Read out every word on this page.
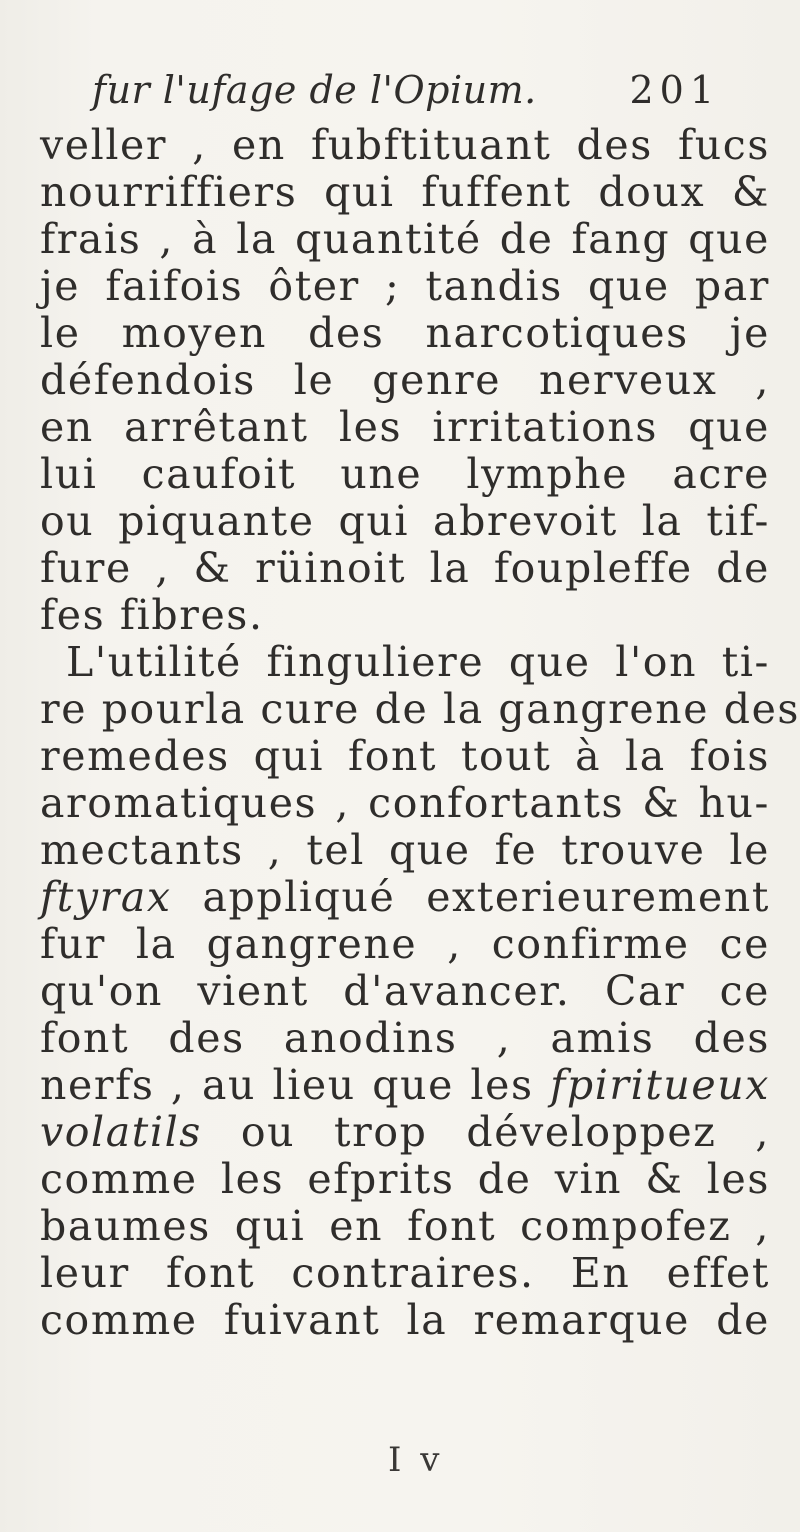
fur l'ufage de l'Opium. 201
veller , en fubftituant des fucs
nourriffiers qui fuffent doux &
frais , à la quantité de fang que
je faifois ôter ; tandis que par
le moyen des narcotiques je
défendois le genre nerveux ,
en arrêtant les irritations que
lui caufoit une lymphe acre
ou piquante qui abrevoit la tif-
fure , & rüinoit la foupleffe de
fes fibres.
L'utilité finguliere que l'on ti-
re pourla cure de la gangrene des
remedes qui font tout à la fois
aromatiques , confortants & hu-
mectants , tel que fe trouve le
ftyrax appliqué exterieurement
fur la gangrene , confirme ce
qu'on vient d'avancer. Car ce
font des anodins , amis des
nerfs , au lieu que les fpiritueux
volatils ou trop développez ,
comme les efprits de vin & les
baumes qui en font compofez ,
leur font contraires. En effet
comme fuivant la remarque de
I v
